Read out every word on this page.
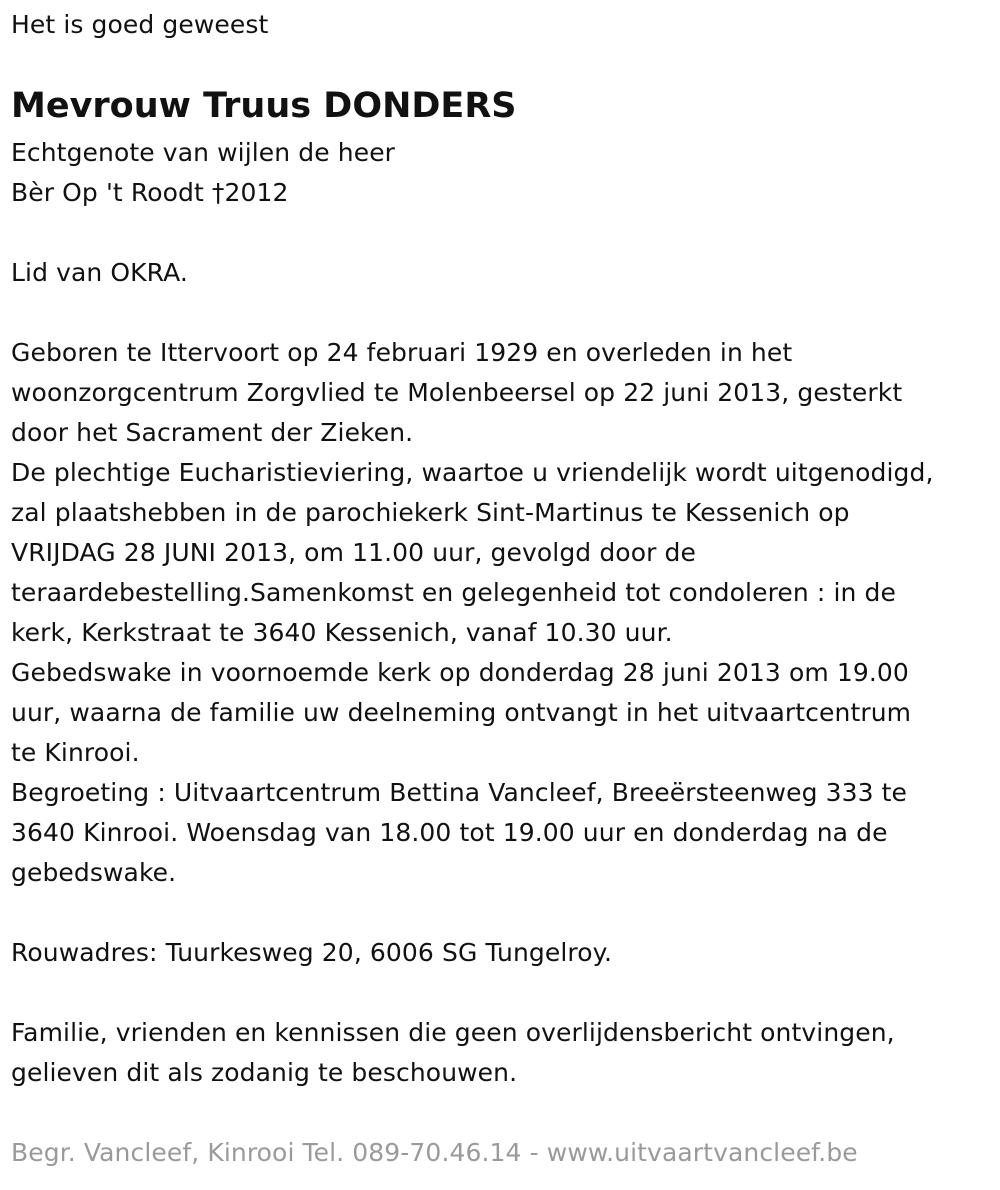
Het is goed geweest
Mevrouw Truus DONDERS
Echtgenote van wijlen de heer
Bèr Op 't Roodt †2012
Lid van OKRA.
Geboren te Ittervoort op 24 februari 1929 en overleden in het
woonzorgcentrum Zorgvlied te Molenbeersel op 22 juni 2013, gesterkt
door het Sacrament der Zieken.
De plechtige Eucharistieviering, waartoe u vriendelijk wordt uitgenodigd,
zal plaatshebben in de parochiekerk Sint-Martinus te Kessenich op
VRIJDAG 28 JUNI 2013, om 11.00 uur, gevolgd door de
teraardebestelling.Samenkomst en gelegenheid tot condoleren : in de
kerk, Kerkstraat te 3640 Kessenich, vanaf 10.30 uur.
Gebedswake in voornoemde kerk op donderdag 28 juni 2013 om 19.00
uur, waarna de familie uw deelneming ontvangt in het uitvaartcentrum
te Kinrooi.
Begroeting : Uitvaartcentrum Bettina Vancleef, Breeërsteenweg 333 te
3640 Kinrooi. Woensdag van 18.00 tot 19.00 uur en donderdag na de
gebedswake.
Rouwadres: Tuurkesweg 20, 6006 SG Tungelroy.
Familie, vrienden en kennissen die geen overlijdensbericht ontvingen,
gelieven dit als zodanig te beschouwen.
Begr. Vancleef, Kinrooi Tel. 089-70.46.14 - www.uitvaartvancleef.be
